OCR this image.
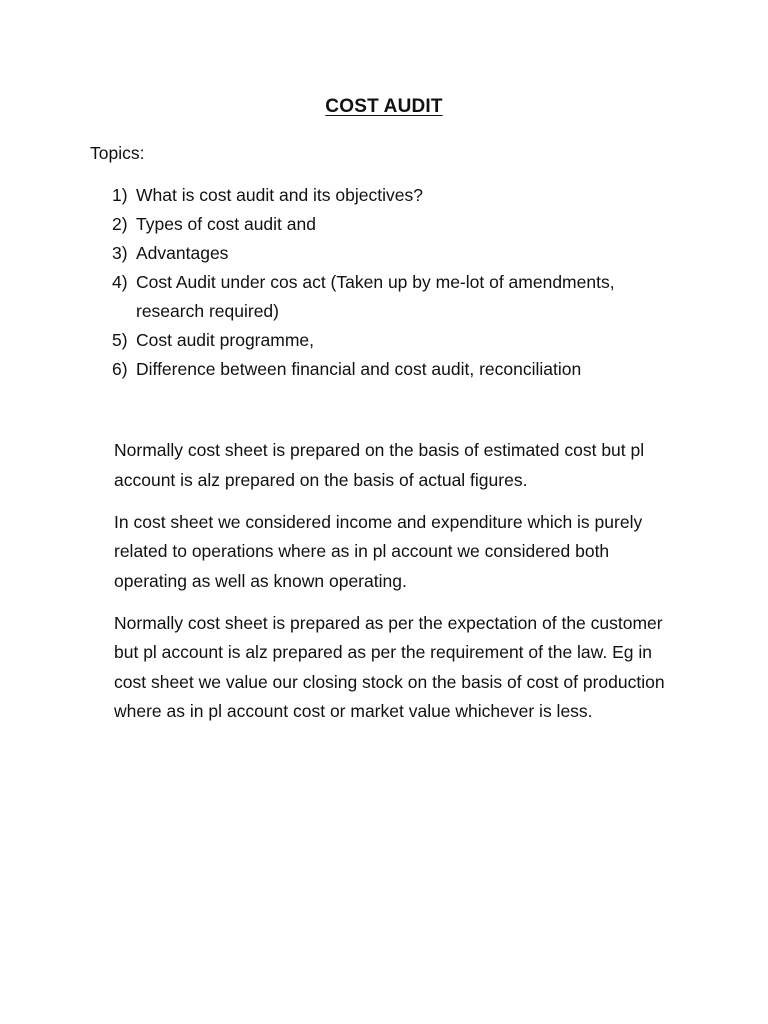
COST AUDIT
Topics:
1) What is cost audit and its objectives?
2) Types of cost audit and
3) Advantages
4) Cost Audit under cos act (Taken up by me-lot of amendments, research required)
5) Cost audit programme,
6) Difference between financial and cost audit, reconciliation

Normally cost sheet is prepared on the basis of estimated cost but pl account is alz prepared on the basis of actual figures.

In cost sheet we considered income and expenditure which is purely related to operations where as in pl account we considered both operating as well as known operating.

Normally cost sheet is prepared as per the expectation of the customer but pl account is alz prepared as per the requirement of the law. Eg in cost sheet we value our closing stock on the basis of cost of production where as in pl account cost or market value whichever is less.
